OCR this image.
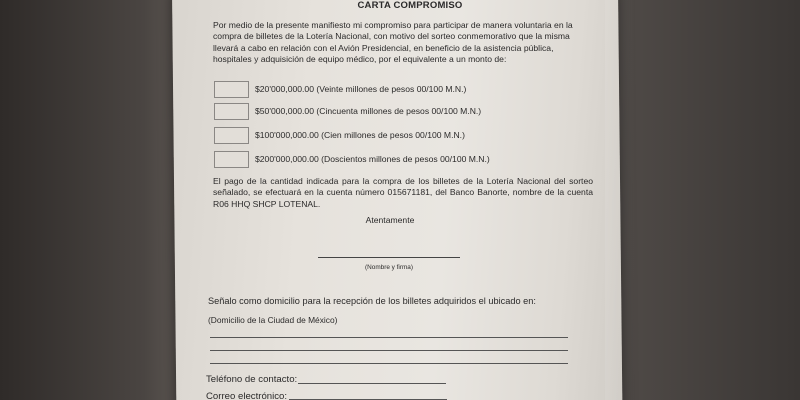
CARTA COMPROMISO
Por medio de la presente manifiesto mi compromiso para participar de manera voluntaria en la compra de billetes de la Lotería Nacional, con motivo del sorteo conmemorativo que la misma llevará a cabo en relación con el Avión Presidencial, en beneficio de la asistencia pública, hospitales y adquisición de equipo médico, por el equivalente a un monto de:
$20'000,000.00 (Veinte millones de pesos 00/100 M.N.)
$50'000,000.00 (Cincuenta millones de pesos 00/100 M.N.)
$100'000,000.00 (Cien millones de pesos 00/100 M.N.)
$200'000,000.00 (Doscientos millones de pesos 00/100 M.N.)
El pago de la cantidad indicada para la compra de los billetes de la Lotería Nacional del sorteo señalado, se efectuará en la cuenta número 015671181, del Banco Banorte, nombre de la cuenta R06 HHQ SHCP LOTENAL.
Atentamente
(Nombre y firma)
Señalo como domicilio para la recepción de los billetes adquiridos el ubicado en:
(Domicilio de la Ciudad de México)
Teléfono de contacto:
Correo electrónico:
